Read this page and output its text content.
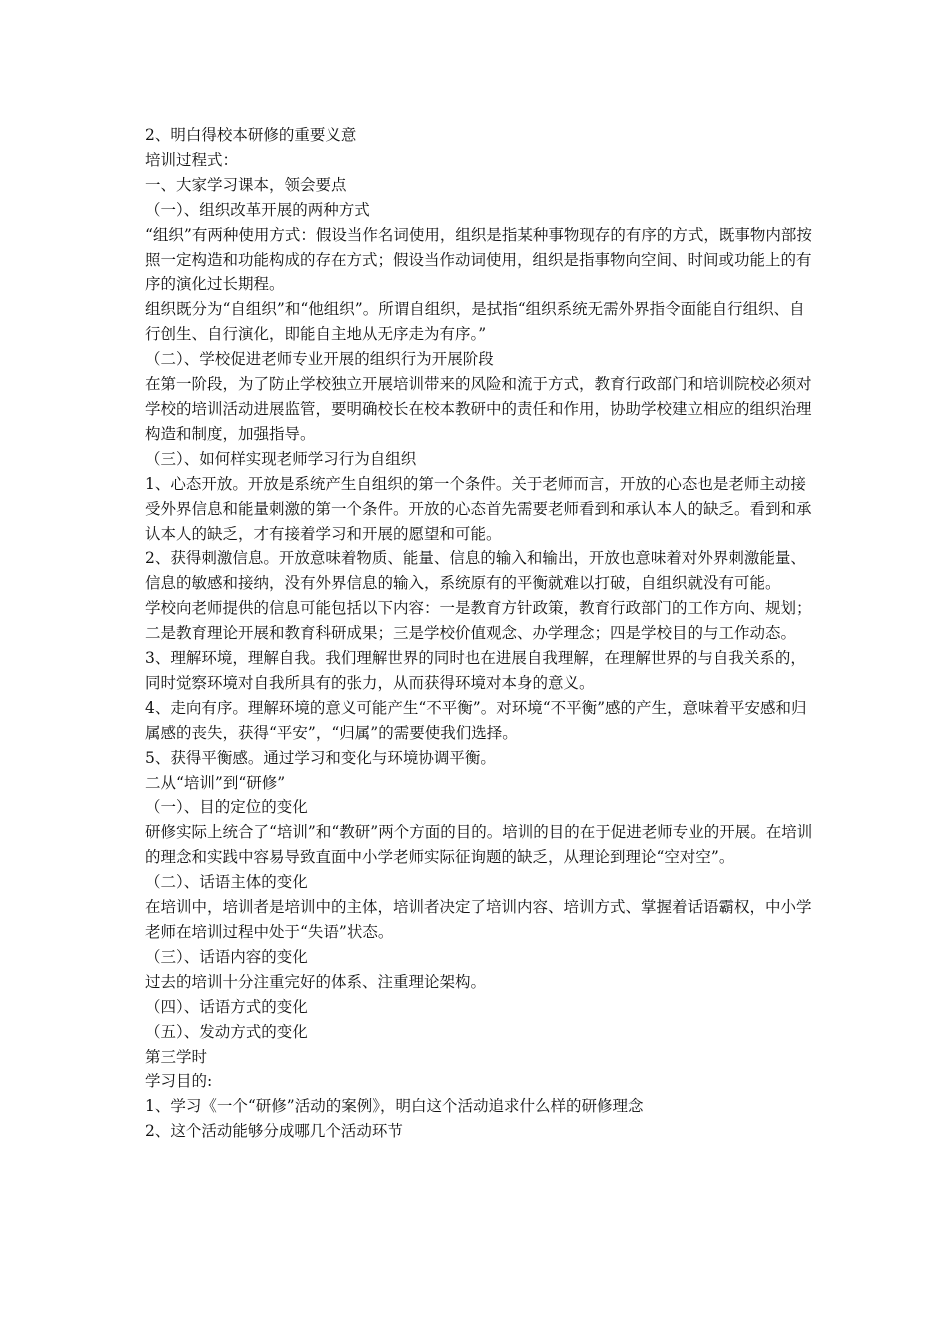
2、明白得校本研修的重要义意

培训过程式：

一、大家学习课本，领会要点

（一）、组织改革开展的两种方式

“组织”有两种使用方式：假设当作名词使用，组织是指某种事物现存的有序的方式，既事物内部按照一定构造和功能构成的存在方式；假设当作动词使用，组织是指事物向空间、时间或功能上的有序的演化过长期程。

组织既分为“自组织”和“他组织”。所谓自组织，是拭指“组织系统无需外界指令面能自行组织、自行创生、自行演化，即能自主地从无序走为有序。”

（二）、学校促进老师专业开展的组织行为开展阶段

在第一阶段，为了防止学校独立开展培训带来的风险和流于方式，教育行政部门和培训院校必须对学校的培训活动进展监管，要明确校长在校本教研中的责任和作用，协助学校建立相应的组织治理构造和制度，加强指导。

（三）、如何样实现老师学习行为自组织

1、心态开放。开放是系统产生自组织的第一个条件。关于老师而言，开放的心态也是老师主动接受外界信息和能量刺激的第一个条件。开放的心态首先需要老师看到和承认本人的缺乏。看到和承认本人的缺乏，才有接着学习和开展的愿望和可能。

2、获得刺激信息。开放意味着物质、能量、信息的输入和输出，开放也意味着对外界刺激能量、信息的敏感和接纳，没有外界信息的输入，系统原有的平衡就难以打破，自组织就没有可能。

学校向老师提供的信息可能包括以下内容：一是教育方针政策，教育行政部门的工作方向、规划；二是教育理论开展和教育科研成果；三是学校价值观念、办学理念；四是学校目的与工作动态。

3、理解环境，理解自我。我们理解世界的同时也在进展自我理解，在理解世界的与自我关系的，同时觉察环境对自我所具有的张力，从而获得环境对本身的意义。

4、走向有序。理解环境的意义可能产生“不平衡”。对环境“不平衡”感的产生，意味着平安感和归属感的丧失，获得“平安”，“归属”的需要使我们选择。

5、获得平衡感。通过学习和变化与环境协调平衡。

二从“培训”到“研修”

（一）、目的定位的变化

研修实际上统合了“培训”和“教研”两个方面的目的。培训的目的在于促进老师专业的开展。在培训的理念和实践中容易导致直面中小学老师实际征询题的缺乏，从理论到理论“空对空”。

（二）、话语主体的变化

在培训中，培训者是培训中的主体，培训者决定了培训内容、培训方式、掌握着话语霸权，中小学老师在培训过程中处于“失语”状态。

（三）、话语内容的变化

过去的培训十分注重完好的体系、注重理论架构。

（四）、话语方式的变化

（五）、发动方式的变化

第三学时

学习目的:

1、学习《一个“研修”活动的案例》，明白这个活动追求什么样的研修理念

2、这个活动能够分成哪几个活动环节
